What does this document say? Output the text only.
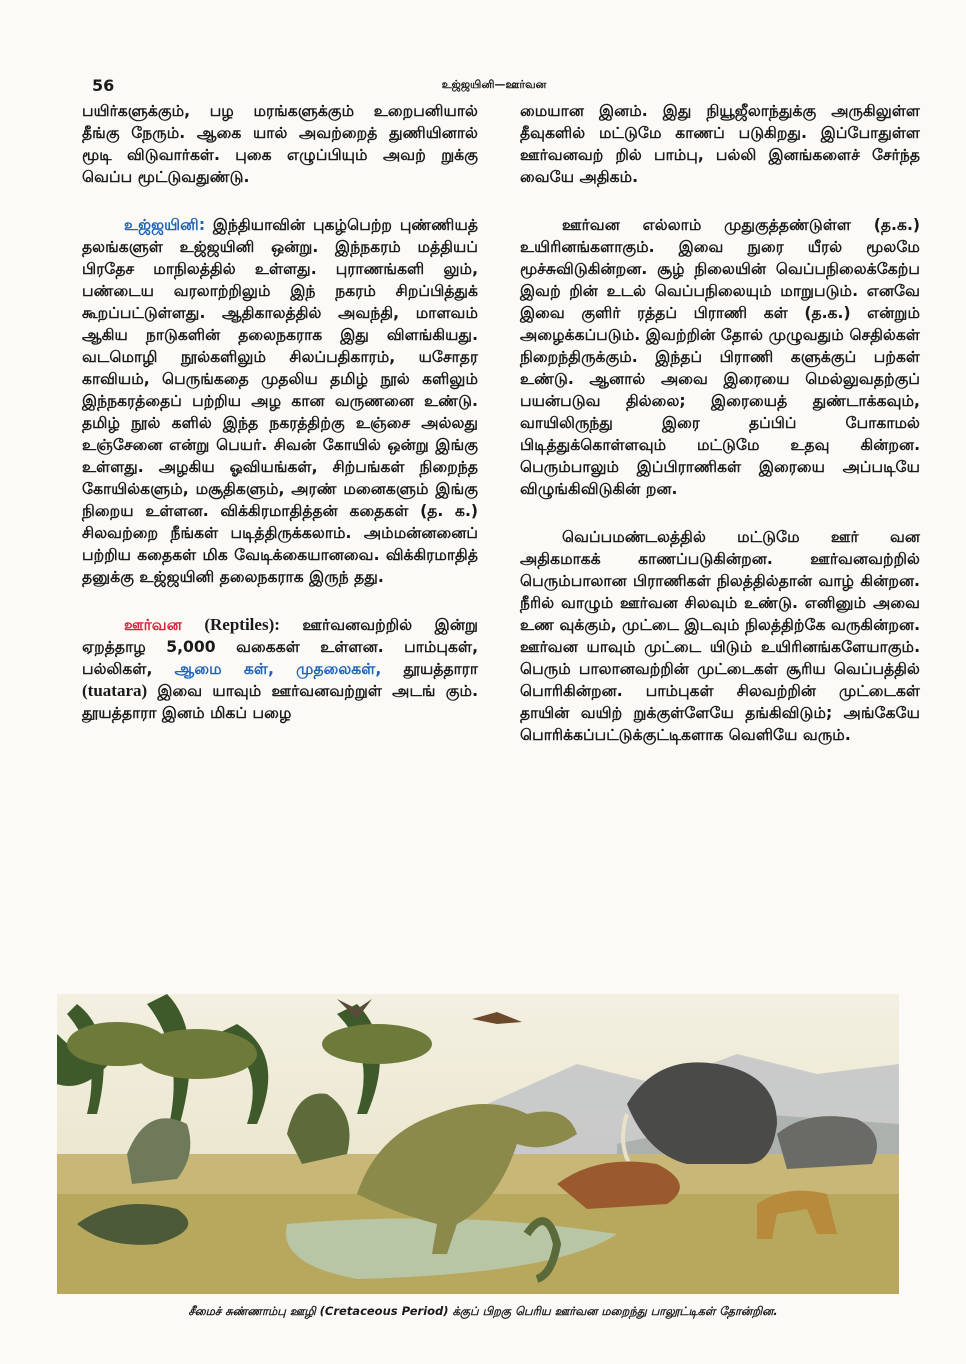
56	உஜ்ஜயினி—ஊர்வன

பயிர்களுக்கும், பழ மரங்களுக்கும் உறைபனியால் தீங்கு நேரும். ஆகை யால் அவற்றைத் துணியினால் மூடி விடுவார்கள். புகை எழுப்பியும் அவற் றுக்கு வெப்ப மூட்டுவதுண்டு.

உஜ்ஜயினி: இந்தியாவின் புகழ்பெற்ற புண்ணியத் தலங்களுள் உஜ்ஜயினி ஒன்று. இந்நகரம் மத்தியப் பிரதேச மாநிலத்தில் உள்ளது. புராணங்களி லும், பண்டைய வரலாற்றிலும் இந் நகரம் சிறப்பித்துக் கூறப்பட்டுள்ளது. ஆதிகாலத்தில் அவந்தி, மாளவம் ஆகிய நாடுகளின் தலைநகராக இது விளங்கியது. வடமொழி நூல்களிலும் சிலப்பதிகாரம், யசோதர காவியம், பெருங்கதை முதலிய தமிழ் நூல் களிலும் இந்நகரத்தைப் பற்றிய அழ கான வருணனை உண்டு. தமிழ் நூல் களில் இந்த நகரத்திற்கு உஞ்சை அல்லது உஞ்சேனை என்று பெயர். சிவன் கோயில் ஒன்று இங்கு உள்ளது. அழகிய ஓவியங்கள், சிற்பங்கள் நிறைந்த கோயில்களும், மசூதிகளும், அரண் மனைகளும் இங்கு நிறைய உள்ளன. விக்கிரமாதித்தன் கதைகள் (த. க.) சிலவற்றை நீங்கள் படித்திருக்கலாம். அம்மன்னனைப் பற்றிய கதைகள் மிக வேடிக்கையானவை. விக்கிரமாதித் தனுக்கு உஜ்ஜயினி தலைநகராக இருந் தது.

ஊர்வன (Reptiles): ஊர்வனவற்றில் இன்று ஏறத்தாழ 5,000 வகைகள் உள்ளன. பாம்புகள், பல்லிகள், ஆமை கள், முதலைகள், தூயத்தாரா (tuatara) இவை யாவும் ஊர்வனவற்றுள் அடங் கும். தூயத்தாரா இனம் மிகப் பழை

மையான இனம். இது நியூஜீலாந்துக்கு அருகிலுள்ள தீவுகளில் மட்டுமே காணப் படுகிறது. இப்போதுள்ள ஊர்வனவற் றில் பாம்பு, பல்லி இனங்களைச் சேர்ந்த வையே அதிகம்.

ஊர்வன எல்லாம் முதுகுத்தண்டுள்ள (த.க.) உயிரினங்களாகும். இவை நுரை யீரல் மூலமே மூச்சுவிடுகின்றன. சூழ் நிலையின் வெப்பநிலைக்கேற்ப இவற் றின் உடல் வெப்பநிலையும் மாறுபடும். எனவே இவை குளிர் ரத்தப் பிராணி கள் (த.க.) என்றும் அழைக்கப்படும். இவற்றின் தோல் முழுவதும் செதில்கள் நிறைந்திருக்கும். இந்தப் பிராணி களுக்குப் பற்கள் உண்டு. ஆனால் அவை இரையை மெல்லுவதற்குப் பயன்படுவ தில்லை; இரையைத் துண்டாக்கவும், வாயிலிருந்து இரை தப்பிப் போகாமல் பிடித்துக்கொள்ளவும் மட்டுமே உதவு கின்றன. பெரும்பாலும் இப்பிராணிகள் இரையை அப்படியே விழுங்கிவிடுகின் றன.

வெப்பமண்டலத்தில் மட்டுமே ஊர் வன அதிகமாகக் காணப்படுகின்றன. ஊர்வனவற்றில் பெரும்பாலான பிராணிகள் நிலத்தில்தான் வாழ் கின்றன. நீரில் வாழும் ஊர்வன சிலவும் உண்டு. எனினும் அவை உண வுக்கும், முட்டை இடவும் நிலத்திற்கே வருகின்றன. ஊர்வன யாவும் முட்டை யிடும் உயிரினங்களேயாகும். பெரும் பாலானவற்றின் முட்டைகள் சூரிய வெப்பத்தில் பொரிகின்றன. பாம்புகள் சிலவற்றின் முட்டைகள் தாயின் வயிற் றுக்குள்ளேயே தங்கிவிடும்; அங்கேயே பொரிக்கப்பட்டுக்குட்டிகளாக வெளியே வரும்.

சீமைச் சுண்ணாம்பு ஊழி (Cretaceous Period) க்குப் பிறகு பெரிய ஊர்வன மறைந்து பாலூட்டிகள் தோன்றின.
